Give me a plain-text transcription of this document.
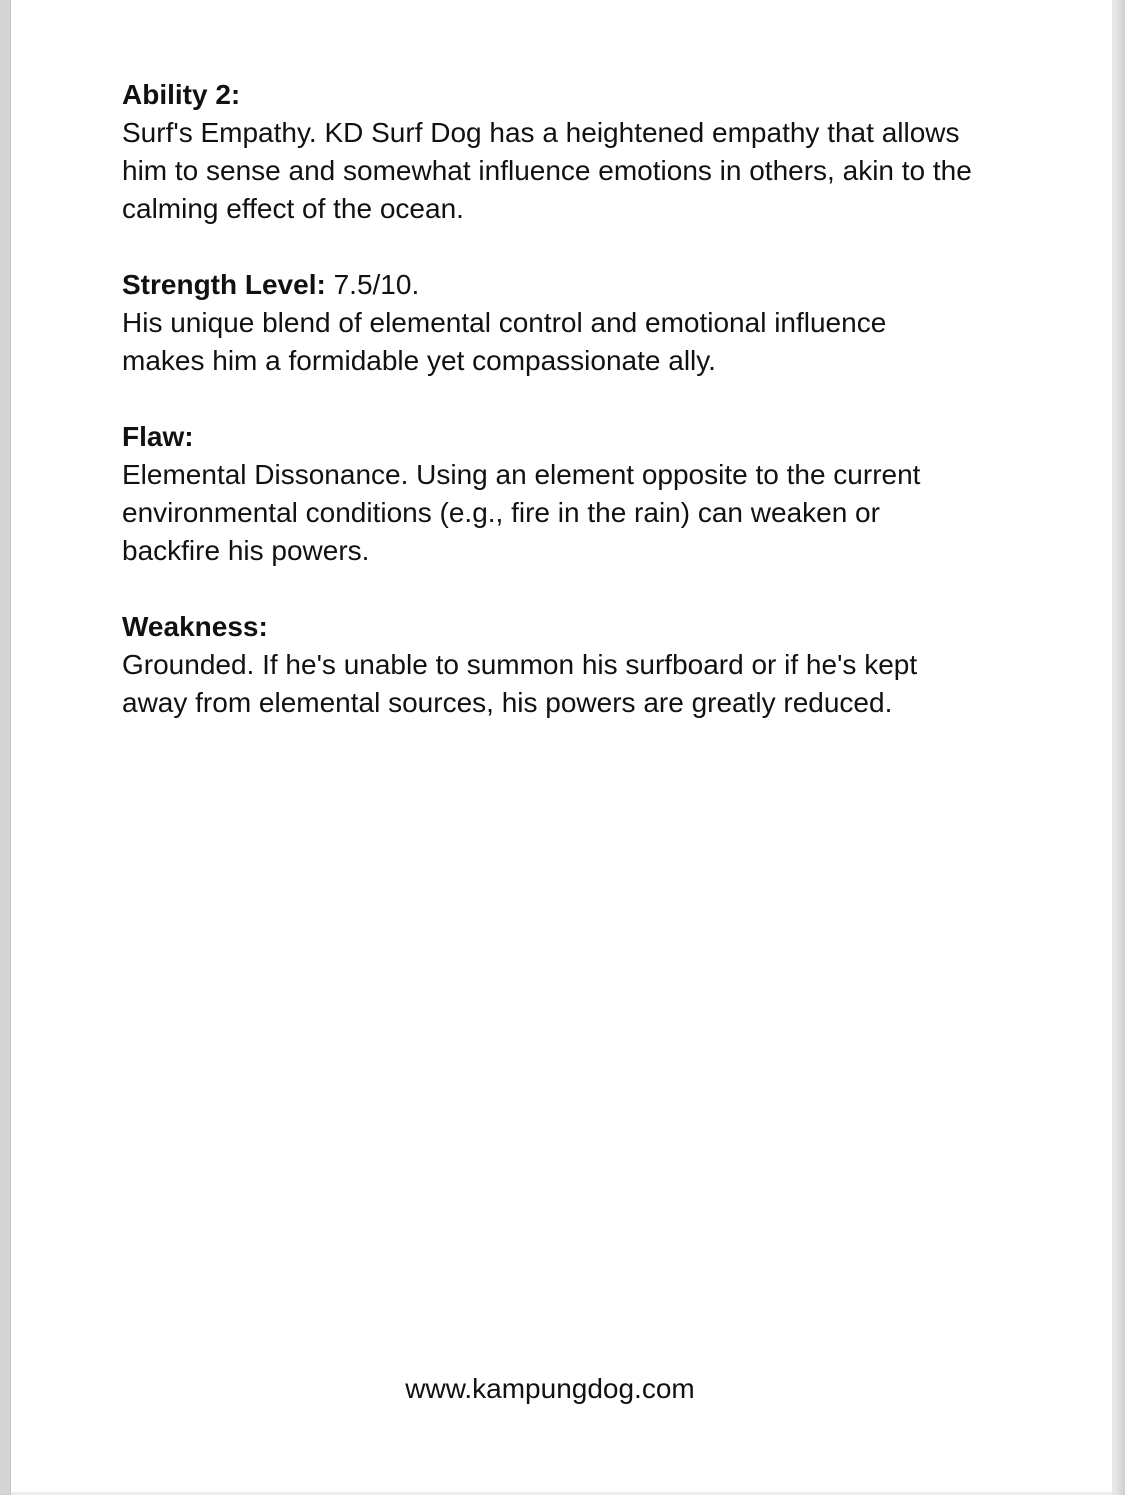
Ability 2:
Surf's Empathy. KD Surf Dog has a heightened empathy that allows
him to sense and somewhat influence emotions in others, akin to the
calming effect of the ocean.
Strength Level: 7.5/10.
His unique blend of elemental control and emotional influence
makes him a formidable yet compassionate ally.
Flaw:
Elemental Dissonance. Using an element opposite to the current
environmental conditions (e.g., fire in the rain) can weaken or
backfire his powers.
Weakness:
Grounded. If he's unable to summon his surfboard or if he's kept
away from elemental sources, his powers are greatly reduced.
www.kampungdog.com
